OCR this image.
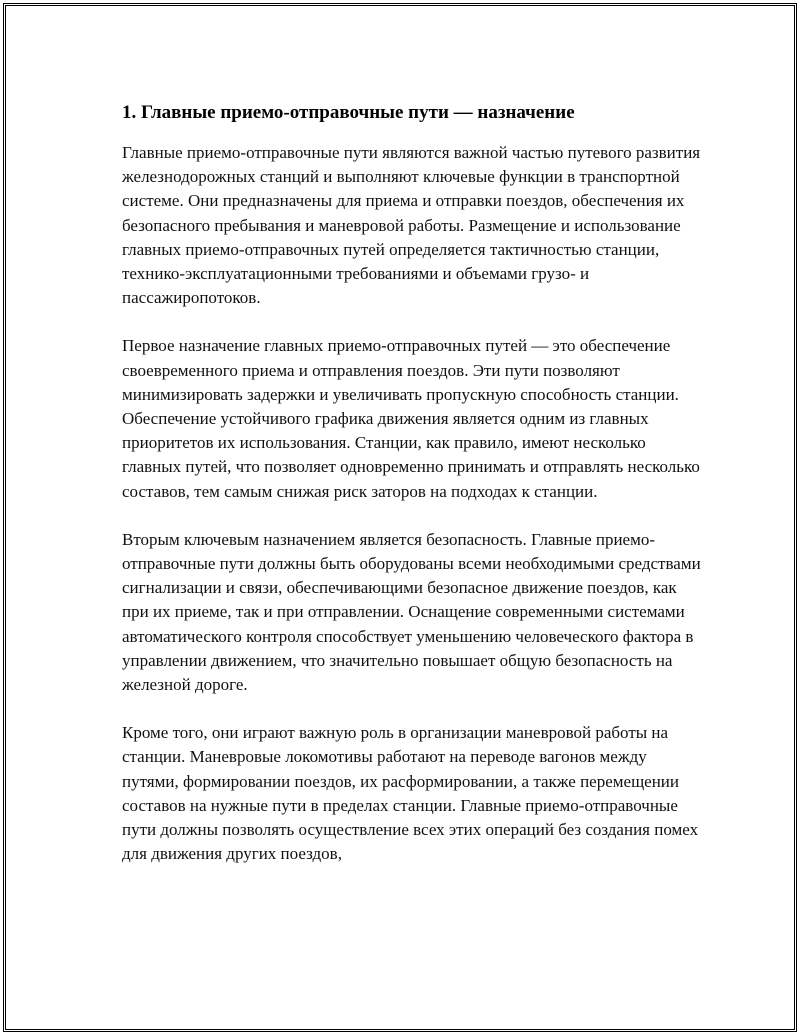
1. Главные приемо-отправочные пути — назначение

Главные приемо-отправочные пути являются важной частью путевого развития железнодорожных станций и выполняют ключевые функции в транспортной системе. Они предназначены для приема и отправки поездов, обеспечения их безопасного пребывания и маневровой работы. Размещение и использование главных приемо-отправочных путей определяется тактичностью станции, технико-эксплуатационными требованиями и объемами грузо- и пассажиропотоков.

Первое назначение главных приемо-отправочных путей — это обеспечение своевременного приема и отправления поездов. Эти пути позволяют минимизировать задержки и увеличивать пропускную способность станции. Обеспечение устойчивого графика движения является одним из главных приоритетов их использования. Станции, как правило, имеют несколько главных путей, что позволяет одновременно принимать и отправлять несколько составов, тем самым снижая риск заторов на подходах к станции.

Вторым ключевым назначением является безопасность. Главные приемо-отправочные пути должны быть оборудованы всеми необходимыми средствами сигнализации и связи, обеспечивающими безопасное движение поездов, как при их приеме, так и при отправлении. Оснащение современными системами автоматического контроля способствует уменьшению человеческого фактора в управлении движением, что значительно повышает общую безопасность на железной дороге.

Кроме того, они играют важную роль в организации маневровой работы на станции. Маневровые локомотивы работают на переводе вагонов между путями, формировании поездов, их расформировании, а также перемещении составов на нужные пути в пределах станции. Главные приемо-отправочные пути должны позволять осуществление всех этих операций без создания помех для движения других поездов,
